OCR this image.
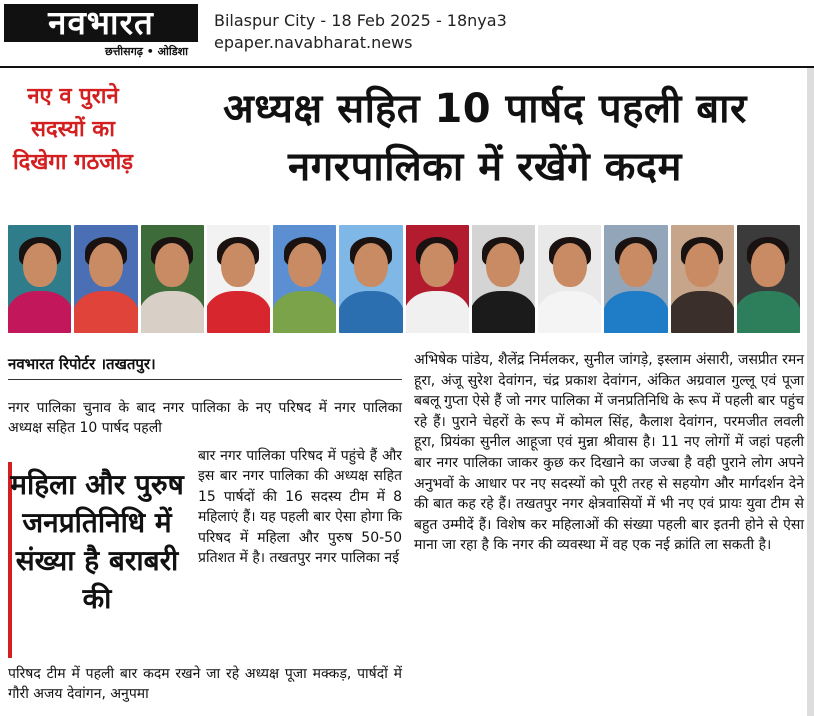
नवभारत
छत्तीसगढ़ • ओडिशा
Bilaspur City - 18 Feb 2025 - 18nya3
epaper.navabharat.news
नए व पुराने सदस्यों का दिखेगा गठजोड़
अध्यक्ष सहित 10 पार्षद पहली बार नगरपालिका में रखेंगे कदम
नवभारत रिपोर्टर ।तखतपुर।
नगर पालिका चुनाव के बाद नगर पालिका के नए परिषद में नगर पालिका अध्यक्ष सहित 10 पार्षद पहली
महिला और पुरुष जनप्रतिनिधि में संख्या है बराबरी की
बार नगर पालिका परिषद में पहुंचे हैं और इस बार नगर पालिका की अध्यक्ष सहित 15 पार्षदों की 16 सदस्य टीम में 8 महिलाएं हैं। यह पहली बार ऐसा होगा कि परिषद में महिला और पुरुष 50-50 प्रतिशत में है। तखतपुर नगर पालिका नई
परिषद टीम में पहली बार कदम रखने जा रहे अध्यक्ष पूजा मक्कड़, पार्षदों में गौरी अजय देवांगन, अनुपमा
अभिषेक पांडेय, शैलेंद्र निर्मलकर, सुनील जांगड़े, इस्लाम अंसारी, जसप्रीत रमन हूरा, अंजू सुरेश देवांगन, चंद्र प्रकाश देवांगन, अंकित अग्रवाल गुल्लू एवं पूजा बबलू गुप्ता ऐसे हैं जो नगर पालिका में जनप्रतिनिधि के रूप में पहली बार पहुंच रहे हैं। पुराने चेहरों के रूप में कोमल सिंह, कैलाश देवांगन, परमजीत लवली हूरा, प्रियंका सुनील आहूजा एवं मुन्ना श्रीवास है। 11 नए लोगों में जहां पहली बार नगर पालिका जाकर कुछ कर दिखाने का जज्बा है वही पुराने लोग अपने अनुभवों के आधार पर नए सदस्यों को पूरी तरह से सहयोग और मार्गदर्शन देने की बात कह रहे हैं। तखतपुर नगर क्षेत्रवासियों में भी नए एवं प्रायः युवा टीम से बहुत उम्मीदें हैं। विशेष कर महिलाओं की संख्या पहली बार इतनी होने से ऐसा माना जा रहा है कि नगर की व्यवस्था में वह एक नई क्रांति ला सकती है।
